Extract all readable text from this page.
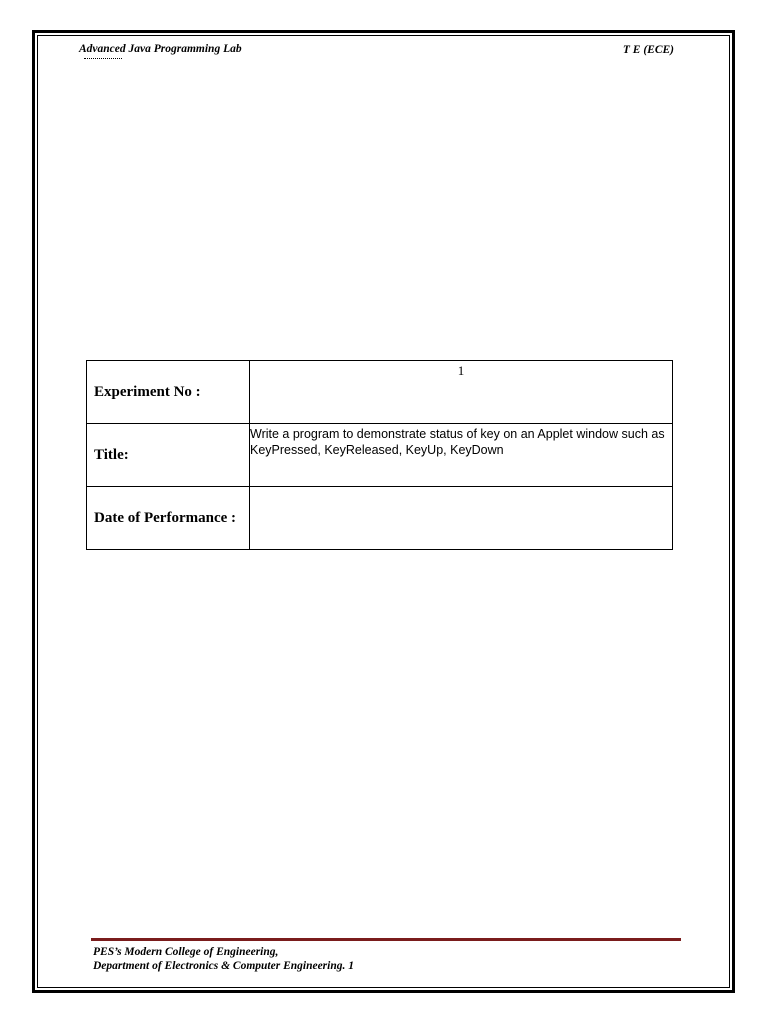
Advanced Java Programming Lab	T E (ECE)
Experiment No :	1

Title:	Write a program to demonstrate status of key on an Applet window such as KeyPressed, KeyReleased, KeyUp, KeyDown

Date of Performance :	
PES’s Modern College of Engineering,
Department of Electronics & Computer Engineering. 1
